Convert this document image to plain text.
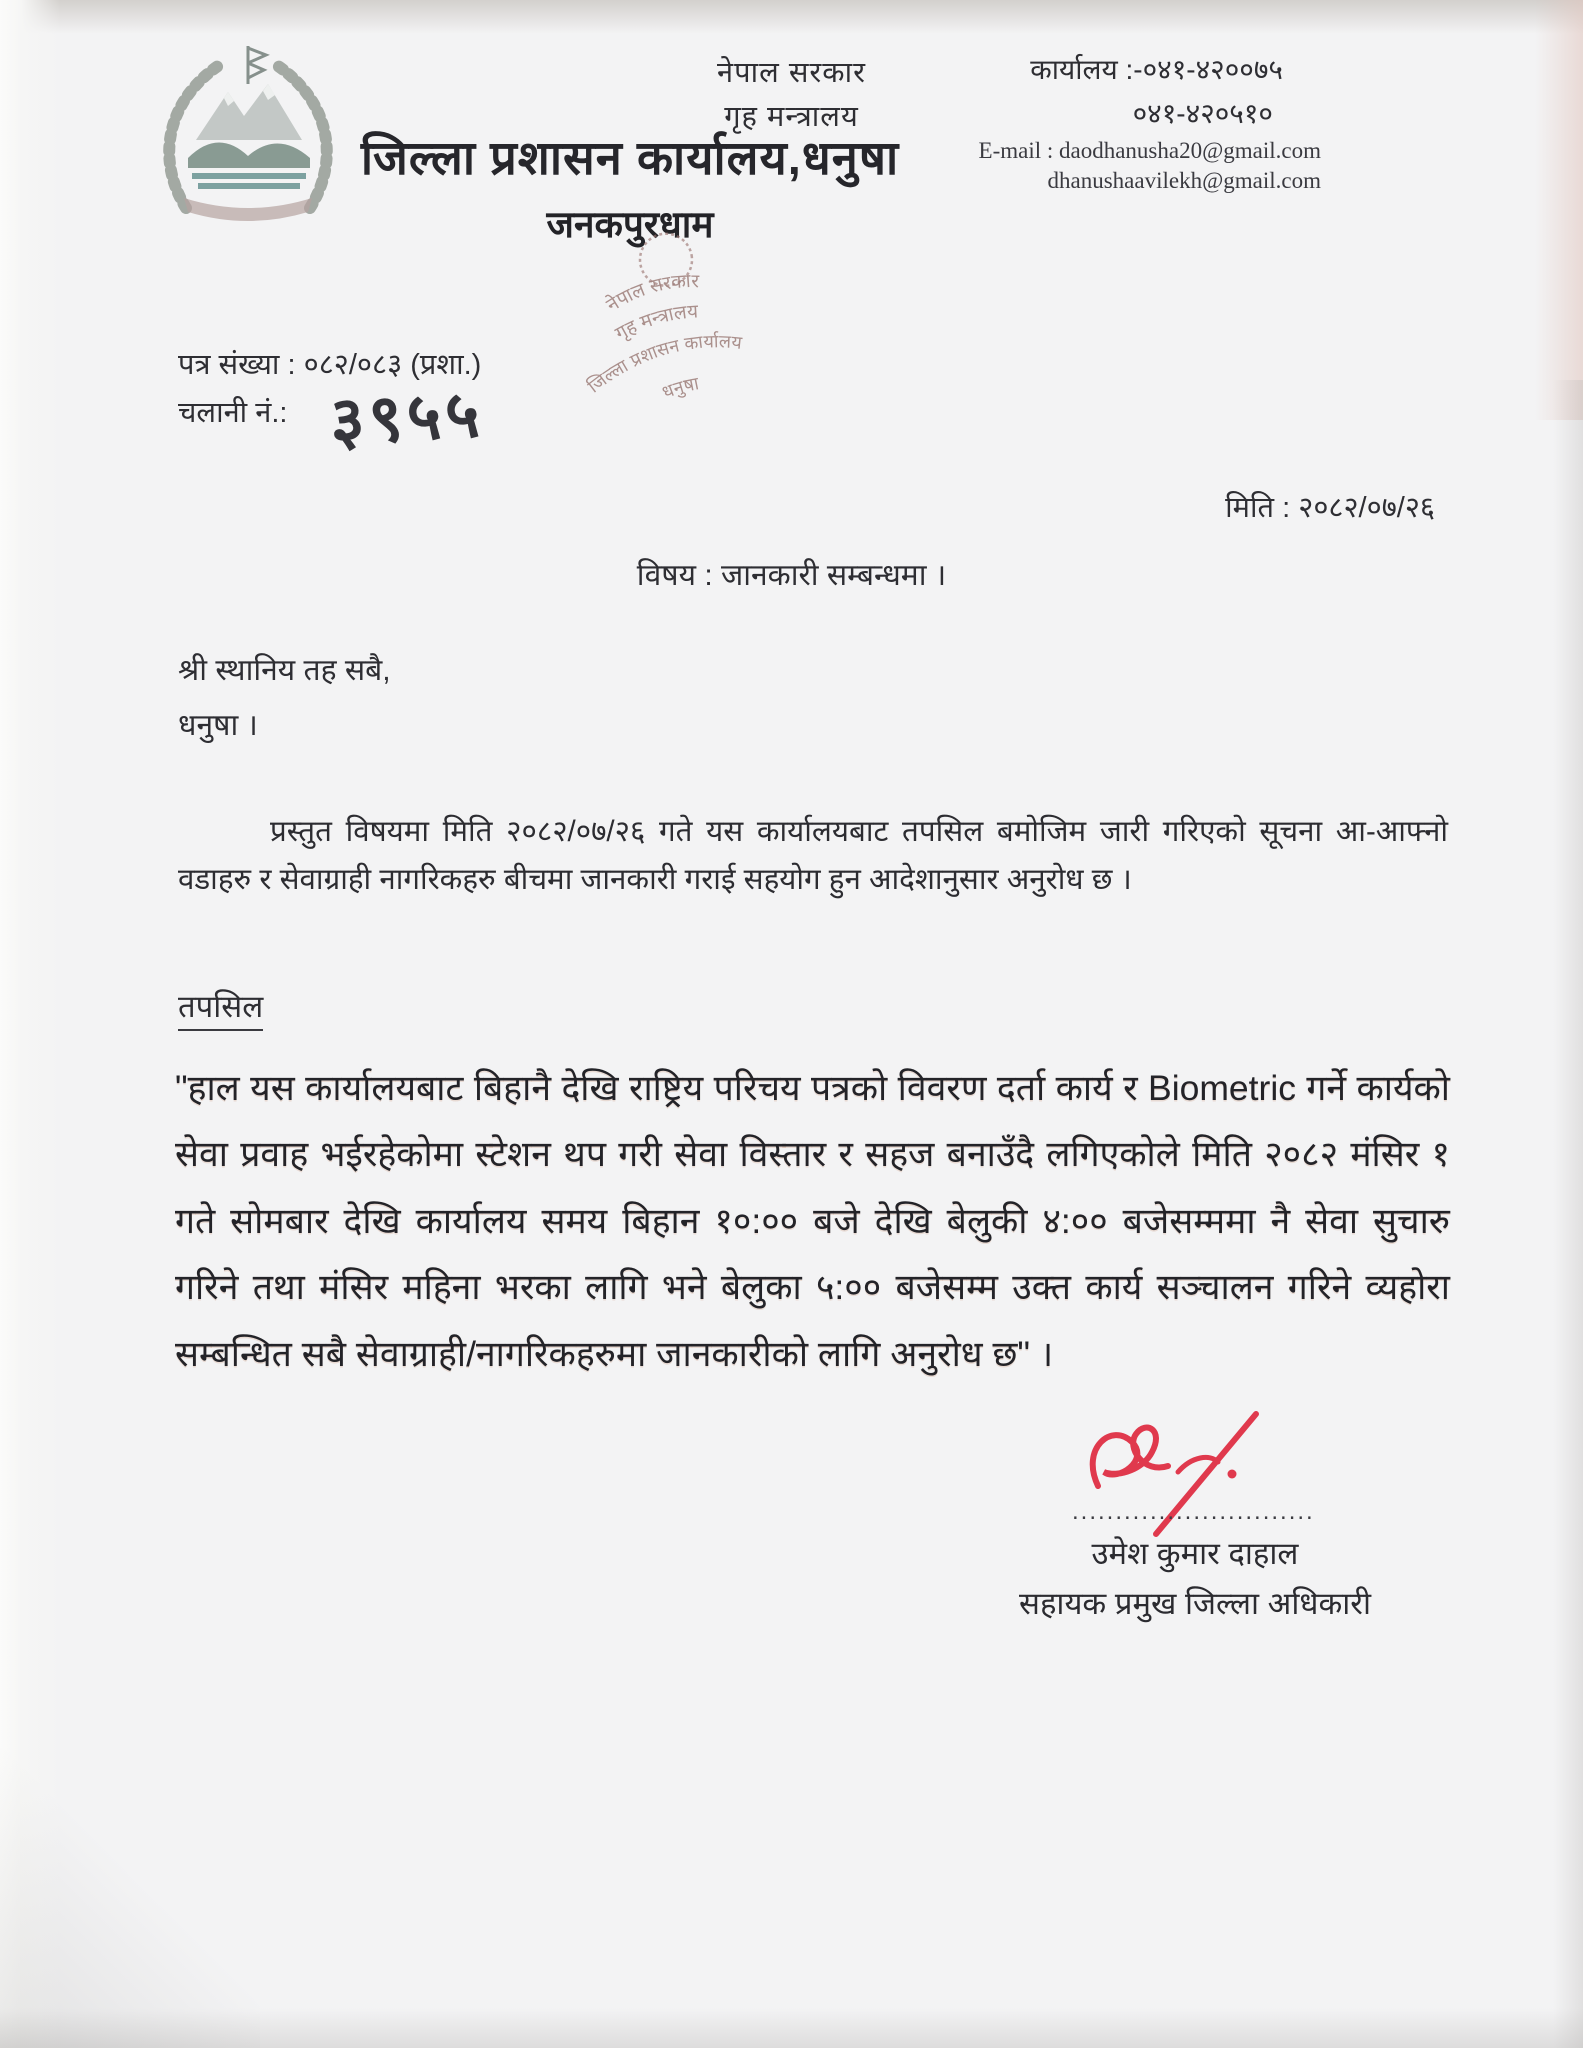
नेपाल सरकार
गृह मन्त्रालय
जिल्ला प्रशासन कार्यालय,धनुषा
जनकपुरधाम
कार्यालय :-०४१-४२००७५
०४१-४२०५१०
E-mail : daodhanusha20@gmail.com
dhanushaavilekh@gmail.com
नेपाल सरकार
गृह मन्त्रालय
जिल्ला प्रशासन कार्यालय
धनुषा
पत्र संख्या : ०८२/०८३ (प्रशा.)
चलानी नं.: ३९५५
मिति : २०८२/०७/२६
विषय : जानकारी सम्बन्धमा ।
श्री स्थानिय तह सबै,
धनुषा ।
प्रस्तुत विषयमा मिति २०८२/०७/२६ गते यस कार्यालयबाट तपसिल बमोजिम जारी गरिएको सूचना आ-आफ्नो वडाहरु र सेवाग्राही नागरिकहरु बीचमा जानकारी गराई सहयोग हुन आदेशानुसार अनुरोध छ ।
तपसिल
"हाल यस कार्यालयबाट बिहानै देखि राष्ट्रिय परिचय पत्रको विवरण दर्ता कार्य र Biometric गर्ने कार्यको सेवा प्रवाह भईरहेकोमा स्टेशन थप गरी सेवा विस्तार र सहज बनाउँदै लगिएकोले मिति २०८२ मंसिर १ गते सोमबार देखि कार्यालय समय बिहान १०:०० बजे देखि बेलुकी ४:०० बजेसम्ममा नै सेवा सुचारु गरिने तथा मंसिर महिना भरका लागि भने बेलुका ५:०० बजेसम्म उक्त कार्य सञ्चालन गरिने व्यहोरा सम्बन्धित सबै सेवाग्राही/नागरिकहरुमा जानकारीको लागि अनुरोध छ" ।
............................
उमेश कुमार दाहाल
सहायक प्रमुख जिल्ला अधिकारी
